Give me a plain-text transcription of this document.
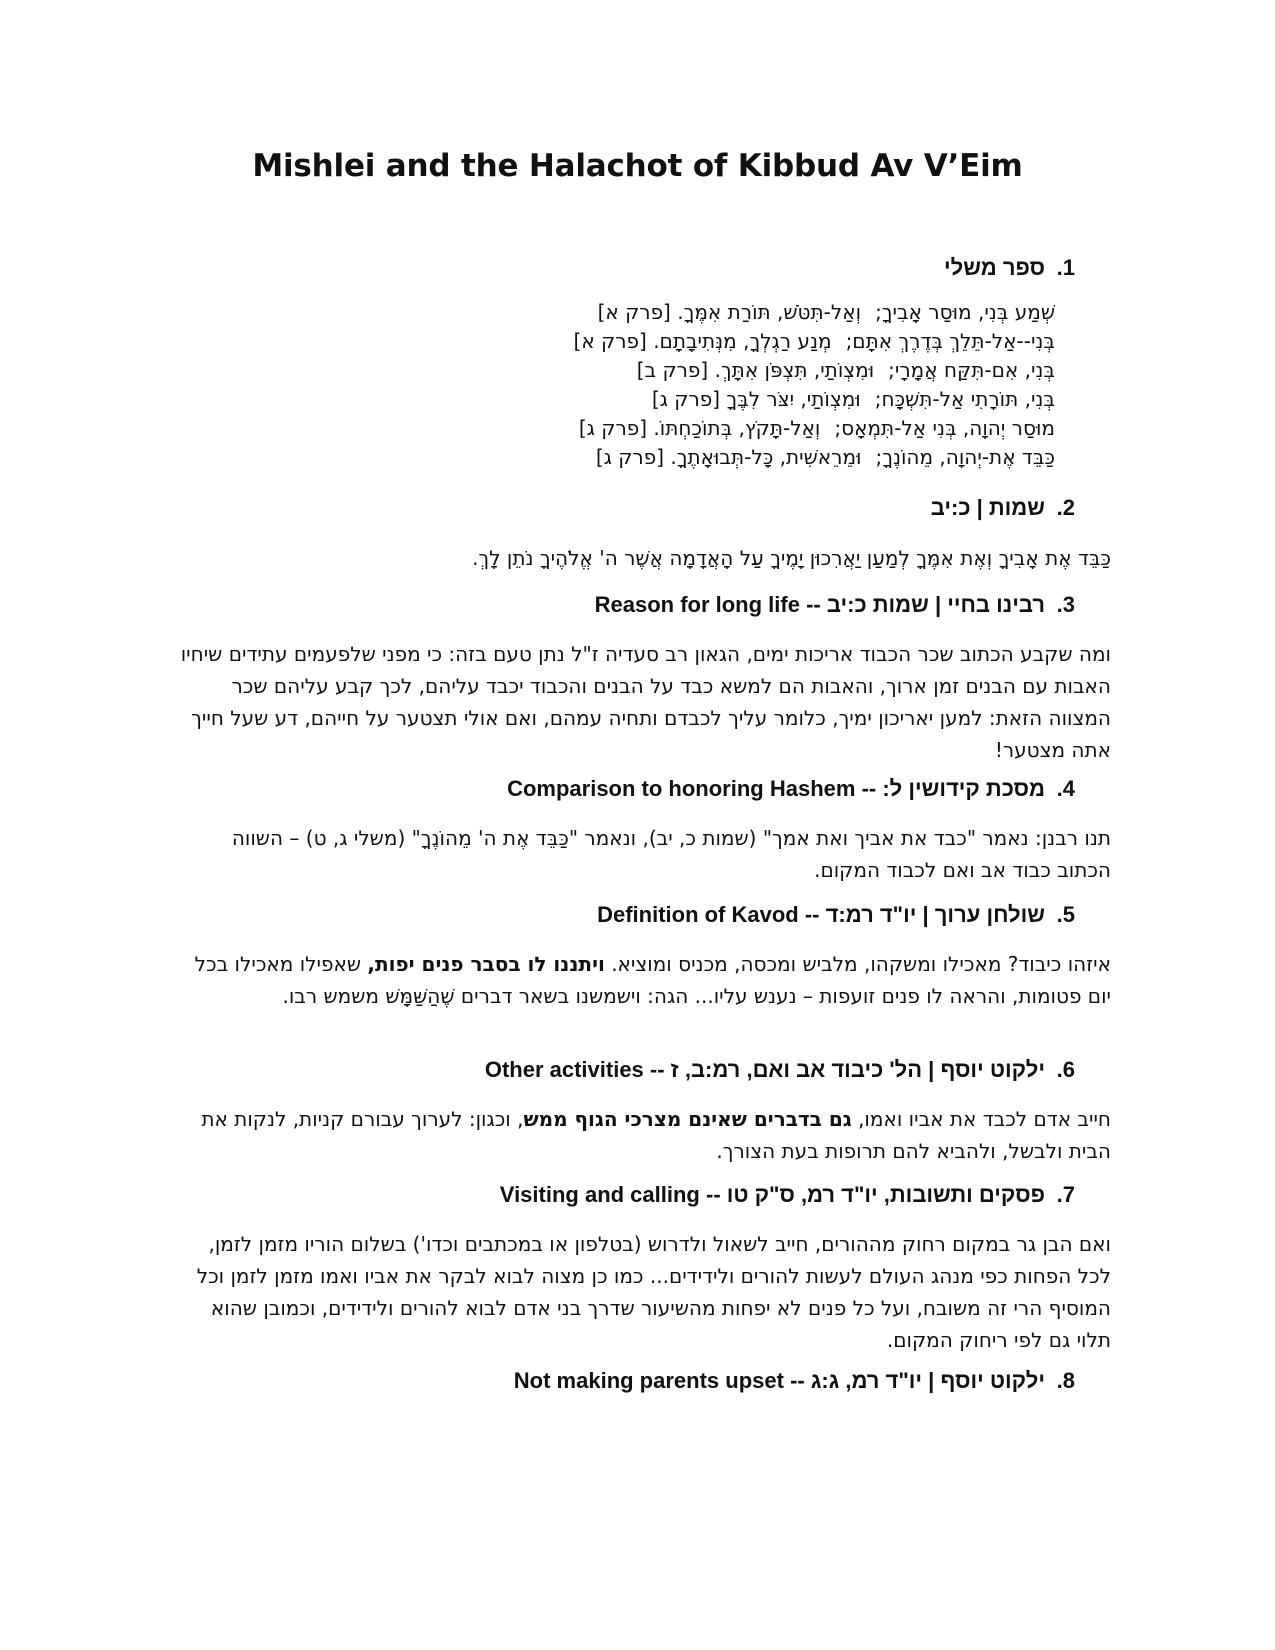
Mishlei and the Halachot of Kibbud Av V’Eim
1.ספר משלי
שְׁמַע בְּנִי, מוּסַר אָבִיךָ;וְאַל-תִּטֹּשׁ, תּוֹרַת אִמֶּךָ. [פרק א]
בְּנִי--אַל-תֵּלֵךְ בְּדֶרֶךְ אִתָּם;מְנַע רַגְלְךָ, מִנְּתִיבָתָם. [פרק א]
בְּנִי, אִם-תִּקַּח אֲמָרָי;וּמִצְוֹתַי, תִּצְפֹּן אִתָּךְ. [פרק ב]
בְּנִי, תּוֹרָתִי אַל-תִּשְׁכָּח;וּמִצְוֹתַי, יִצֹּר לִבֶּךָ [פרק ג]
מוּסַר יְהוָה, בְּנִי אַל-תִּמְאָס;וְאַל-תָּקֹץ, בְּתוֹכַחְתּוֹ. [פרק ג]
כַּבֵּד אֶת-יְהוָה, מֵהוֹנֶךָ;וּמֵרֵאשִׁית, כָּל-תְּבוּאָתֶךָ. [פרק ג]
2.שמות | כ:יב
כַּבֵּד אֶת אָבִיךָ וְאֶת אִמֶּךָ לְמַעַן יַאֲרִכוּן יָמֶיךָ עַל הָאֲדָמָה אֲשֶׁר ה' אֱלֹהֶיךָ נֹתֵן לָךְ.
3.רבינו בחיי | שמות כ:יב -- Reason for long life
ומה שקבע הכתוב שכר הכבוד אריכות ימים, הגאון רב סעדיה ז"ל נתן טעם בזה: כי מפני שלפעמים עתידים שיחיו האבות עם הבנים זמן ארוך, והאבות הם למשא כבד על הבנים והכבוד יכבד עליהם, לכך קבע עליהם שכר המצווה הזאת: למען יאריכון ימיך, כלומר עליך לכבדם ותחיה עמהם, ואם אולי תצטער על חייהם, דע שעל חייך אתה מצטער!
4.מסכת קידושין ל: -- Comparison to honoring Hashem
תנו רבנן: נאמר "כבד את אביך ואת אמך" (שמות כ, יב), ונאמר "כַּבֵּד אֶת ה' מֵהוֹנֶךָ" (משלי ג, ט) – השווה הכתוב כבוד אב ואם לכבוד המקום.
5.שולחן ערוך | יו"ד רמ:ד -- Definition of Kavod
איזהו כיבוד? מאכילו ומשקהו, מלביש ומכסה, מכניס ומוציא. ויתננו לו בסבר פנים יפות, שאפילו מאכילו בכל יום פטומות, והראה לו פנים זועפות – נענש עליו... הגה: וישמשנו בשאר דברים שֶׁהַשַּׁמָּשׁ משמש רבו.
6.ילקוט יוסף | הל' כיבוד אב ואם, רמ:ב, ז -- Other activities
חייב אדם לכבד את אביו ואמו, גם בדברים שאינם מצרכי הגוף ממש, וכגון: לערוך עבורם קניות, לנקות את הבית ולבשל, ולהביא להם תרופות בעת הצורך.
7.פסקים ותשובות, יו"ד רמ, ס"ק טו -- Visiting and calling
ואם הבן גר במקום רחוק מההורים, חייב לשאול ולדרוש (בטלפון או במכתבים וכדו') בשלום הוריו מזמן לזמן, לכל הפחות כפי מנהג העולם לעשות להורים ולידידים... כמו כן מצוה לבוא לבקר את אביו ואמו מזמן לזמן וכל המוסיף הרי זה משובח, ועל כל פנים לא יפחות מהשיעור שדרך בני אדם לבוא להורים ולידידים, וכמובן שהוא תלוי גם לפי ריחוק המקום.
8.ילקוט יוסף | יו"ד רמ, ג:ג -- Not making parents upset
